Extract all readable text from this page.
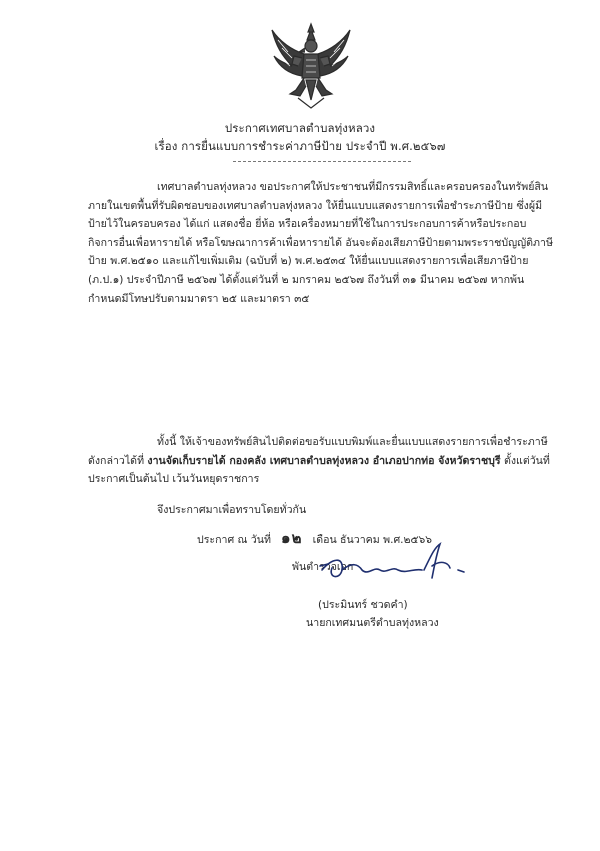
ประกาศเทศบาลตำบลทุ่งหลวง
เรื่อง การยื่นแบบการชำระค่าภาษีป้าย ประจำปี พ.ศ.๒๕๖๗

เทศบาลตำบลทุ่งหลวง ขอประกาศให้ประชาชนที่มีกรรมสิทธิ์และครอบครองในทรัพย์สินภายในเขตพื้นที่รับผิดชอบของเทศบาลตำบลทุ่งหลวง ให้ยื่นแบบแสดงรายการเพื่อชำระภาษีป้าย ซึ่งผู้มีป้ายไว้ในครอบครอง ได้แก่ แสดงชื่อ ยี่ห้อ หรือเครื่องหมายที่ใช้ในการประกอบการค้าหรือประกอบกิจการอื่นเพื่อหารายได้ หรือโฆษณาการค้าเพื่อหารายได้ อันจะต้องเสียภาษีป้ายตามพระราชบัญญัติภาษีป้าย พ.ศ.๒๕๑๐ และแก้ไขเพิ่มเติม (ฉบับที่ ๒) พ.ศ.๒๕๓๔ ให้ยื่นแบบแสดงรายการเพื่อเสียภาษีป้าย (ภ.ป.๑) ประจำปีภาษี ๒๕๖๗ ได้ตั้งแต่วันที่ ๒ มกราคม ๒๕๖๗ ถึงวันที่ ๓๑ มีนาคม ๒๕๖๗ หากพ้นกำหนดมีโทษปรับตามมาตรา ๒๕ และมาตรา ๓๕

ทั้งนี้ ให้เจ้าของทรัพย์สินไปติดต่อขอรับแบบพิมพ์และยื่นแบบแสดงรายการเพื่อชำระภาษีดังกล่าวได้ที่ งานจัดเก็บรายได้ กองคลัง เทศบาลตำบลทุ่งหลวง อำเภอปากท่อ จังหวัดราชบุรี ตั้งแต่วันที่ประกาศเป็นต้นไป เว้นวันหยุดราชการ

จึงประกาศมาเพื่อทราบโดยทั่วกัน

ประกาศ ณ วันที่ ๑๒ เดือน ธันวาคม พ.ศ.๒๕๖๖

พันตำรวจเอก
(ประมินทร์ ชวดคำ)
นายกเทศมนตรีตำบลทุ่งหลวง
